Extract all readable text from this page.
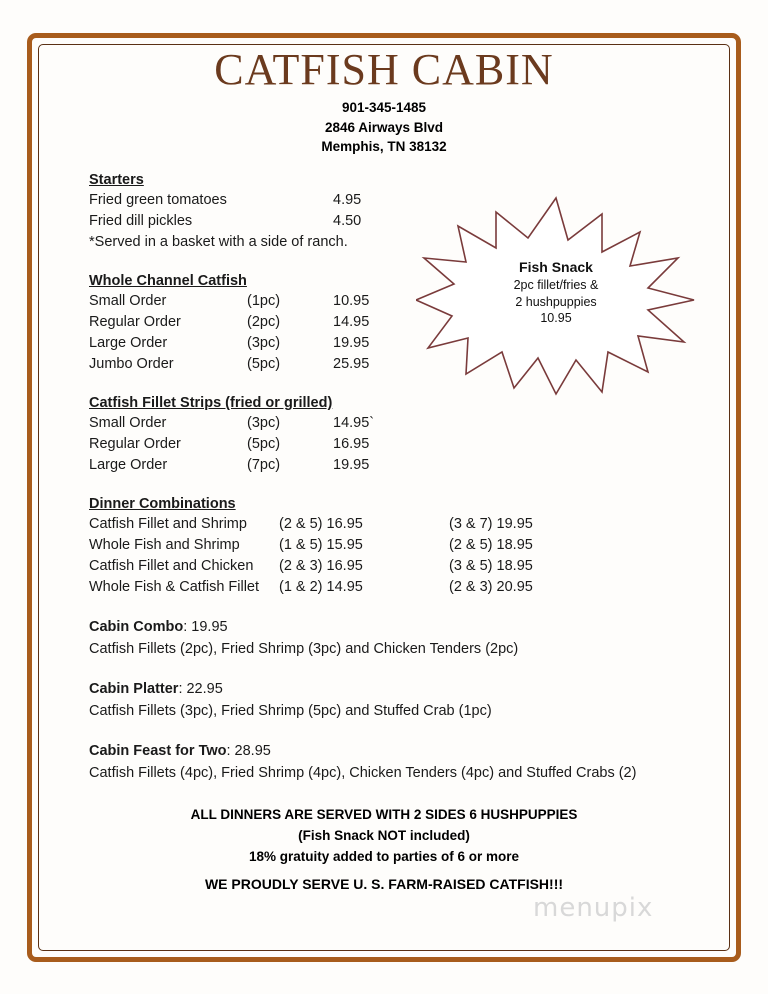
CATFISH CABIN
901-345-1485
2846 Airways Blvd
Memphis, TN 38132
Fish Snack
2pc fillet/fries &
2 hushpuppies
10.95
Starters
Fried green tomatoes	4.95
Fried dill pickles	4.50
*Served in a basket with a side of ranch.
Whole Channel Catfish
Small Order	(1pc)	10.95
Regular Order	(2pc)	14.95
Large Order	(3pc)	19.95
Jumbo Order	(5pc)	25.95
Catfish Fillet Strips (fried or grilled)
Small Order	(3pc)	14.95`
Regular Order	(5pc)	16.95
Large Order	(7pc)	19.95
Dinner Combinations
Catfish Fillet and Shrimp	(2 & 5) 16.95	(3 & 7) 19.95
Whole Fish and Shrimp	(1 & 5) 15.95	(2 & 5) 18.95
Catfish Fillet and Chicken	(2 & 3) 16.95	(3 & 5) 18.95
Whole Fish & Catfish Fillet	(1 & 2) 14.95	(2 & 3) 20.95
Cabin Combo: 19.95
Catfish Fillets (2pc), Fried Shrimp (3pc) and Chicken Tenders (2pc)
Cabin Platter: 22.95
Catfish Fillets (3pc), Fried Shrimp (5pc) and Stuffed Crab (1pc)
Cabin Feast for Two: 28.95
Catfish Fillets (4pc), Fried Shrimp (4pc), Chicken Tenders (4pc) and Stuffed Crabs (2)
ALL DINNERS ARE SERVED WITH 2 SIDES 6 HUSHPUPPIES
(Fish Snack NOT included)
18% gratuity added to parties of 6 or more
WE PROUDLY SERVE U. S. FARM-RAISED CATFISH!!!
menupix
